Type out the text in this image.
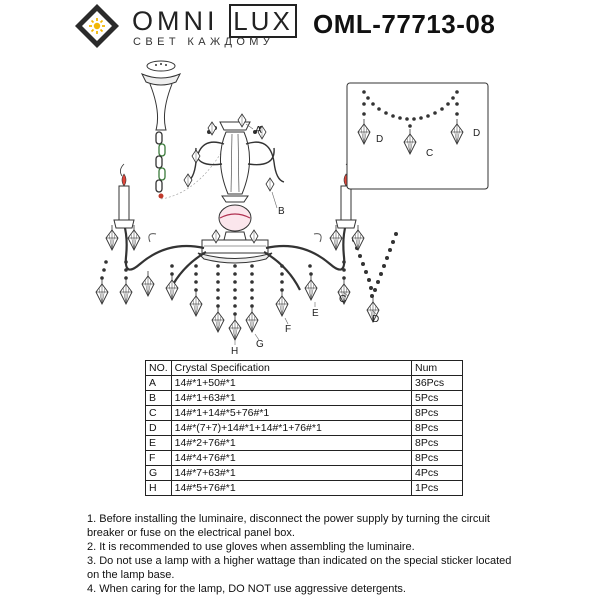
OMNI LUX
СВЕТ КАЖДОМУ
OML-77713-08
A
B
C
D
E
F
G
H
D
C
D
NO.	Crystal Specification	Num
A	14#*1+50#*1	36Pcs
B	14#*1+63#*1	5Pcs
C	14#*1+14#*5+76#*1	8Pcs
D	14#*(7+7)+14#*1+14#*1+76#*1	8Pcs
E	14#*2+76#*1	8Pcs
F	14#*4+76#*1	8Pcs
G	14#*7+63#*1	4Pcs
H	14#*5+76#*1	1Pcs

1. Before installing the luminaire, disconnect the power supply by turning the circuit breaker or fuse on the electrical panel box.

2. It is recommended to use gloves when assembling the luminaire.

3. Do not use a lamp with a higher wattage than indicated on the special sticker located on the lamp base.

4. When caring for the lamp, DO NOT use aggressive detergents.
